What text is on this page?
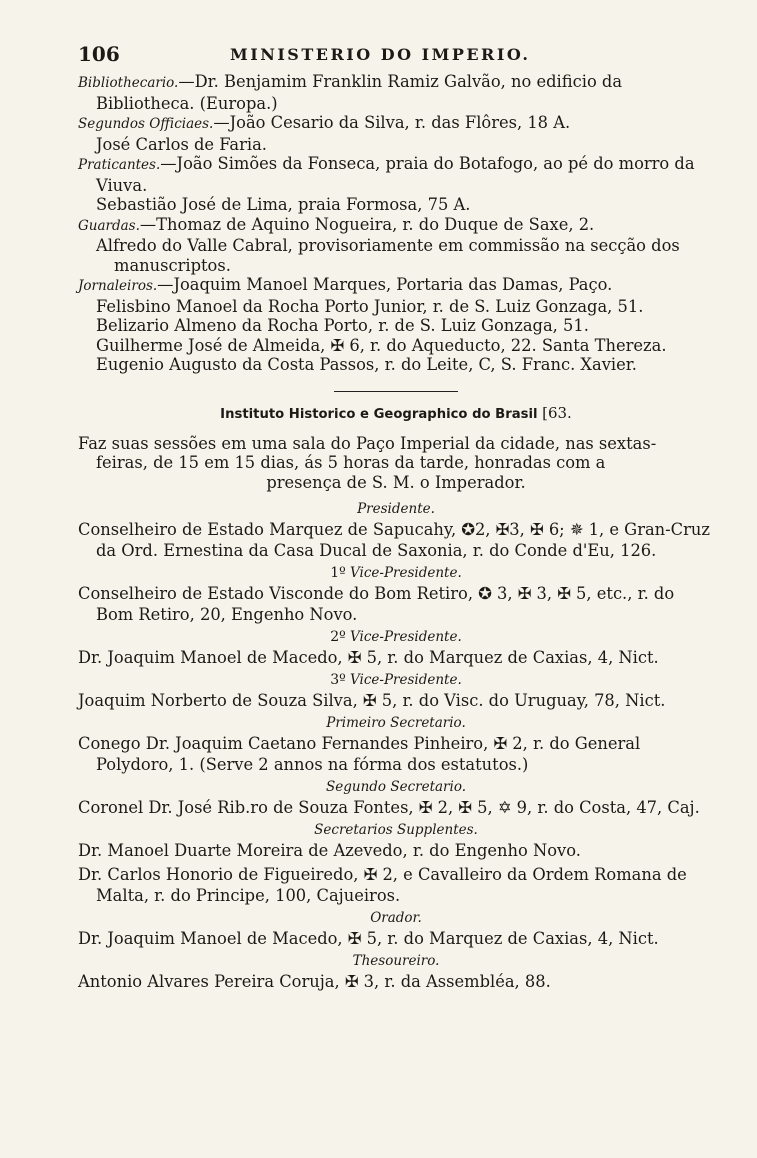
106	MINISTERIO DO IMPERIO.

Bibliothecario.—Dr. Benjamim Franklin Ramiz Galvão, no edificio da Bibliotheca. (Europa.)

Segundos Officiaes.—João Cesario da Silva, r. das Flôres, 18 A.

José Carlos de Faria.

Praticantes.—João Simões da Fonseca, praia do Botafogo, ao pé do morro da Viuva.

Sebastião José de Lima, praia Formosa, 75 A.

Guardas.—Thomaz de Aquino Nogueira, r. do Duque de Saxe, 2.

Alfredo do Valle Cabral, provisoriamente em commissão na secção dos manuscriptos.

Jornaleiros.—Joaquim Manoel Marques, Portaria das Damas, Paço.

Felisbino Manoel da Rocha Porto Junior, r. de S. Luiz Gonzaga, 51.

Belizario Almeno da Rocha Porto, r. de S. Luiz Gonzaga, 51.

Guilherme José de Almeida, ✠ 6, r. do Aqueducto, 22. Santa Thereza.

Eugenio Augusto da Costa Passos, r. do Leite, C, S. Franc. Xavier.

Instituto Historico e Geographico do Brasil [63.

Faz suas sessões em uma sala do Paço Imperial da cidade, nas sextas-
feiras, de 15 em 15 dias, ás 5 horas da tarde, honradas com a
presença de S. M. o Imperador.

Presidente.

Conselheiro de Estado Marquez de Sapucahy, ✪2, ✠3, ✠ 6; ✵ 1, e Gran-Cruz da Ord. Ernestina da Casa Ducal de Saxonia, r. do Conde d'Eu, 126.

1º Vice-Presidente.

Conselheiro de Estado Visconde do Bom Retiro, ✪ 3, ✠ 3, ✠ 5, etc., r. do Bom Retiro, 20, Engenho Novo.

2º Vice-Presidente.

Dr. Joaquim Manoel de Macedo, ✠ 5, r. do Marquez de Caxias, 4, Nict.

3º Vice-Presidente.

Joaquim Norberto de Souza Silva, ✠ 5, r. do Visc. do Uruguay, 78, Nict.

Primeiro Secretario.

Conego Dr. Joaquim Caetano Fernandes Pinheiro, ✠ 2, r. do General Polydoro, 1. (Serve 2 annos na fórma dos estatutos.)

Segundo Secretario.

Coronel Dr. José Rib.ro de Souza Fontes, ✠ 2, ✠ 5, ✡ 9, r. do Costa, 47, Caj.

Secretarios Supplentes.

Dr. Manoel Duarte Moreira de Azevedo, r. do Engenho Novo.

Dr. Carlos Honorio de Figueiredo, ✠ 2, e Cavalleiro da Ordem Romana de Malta, r. do Principe, 100, Cajueiros.

Orador.

Dr. Joaquim Manoel de Macedo, ✠ 5, r. do Marquez de Caxias, 4, Nict.

Thesoureiro.

Antonio Alvares Pereira Coruja, ✠ 3, r. da Assembléa, 88.
